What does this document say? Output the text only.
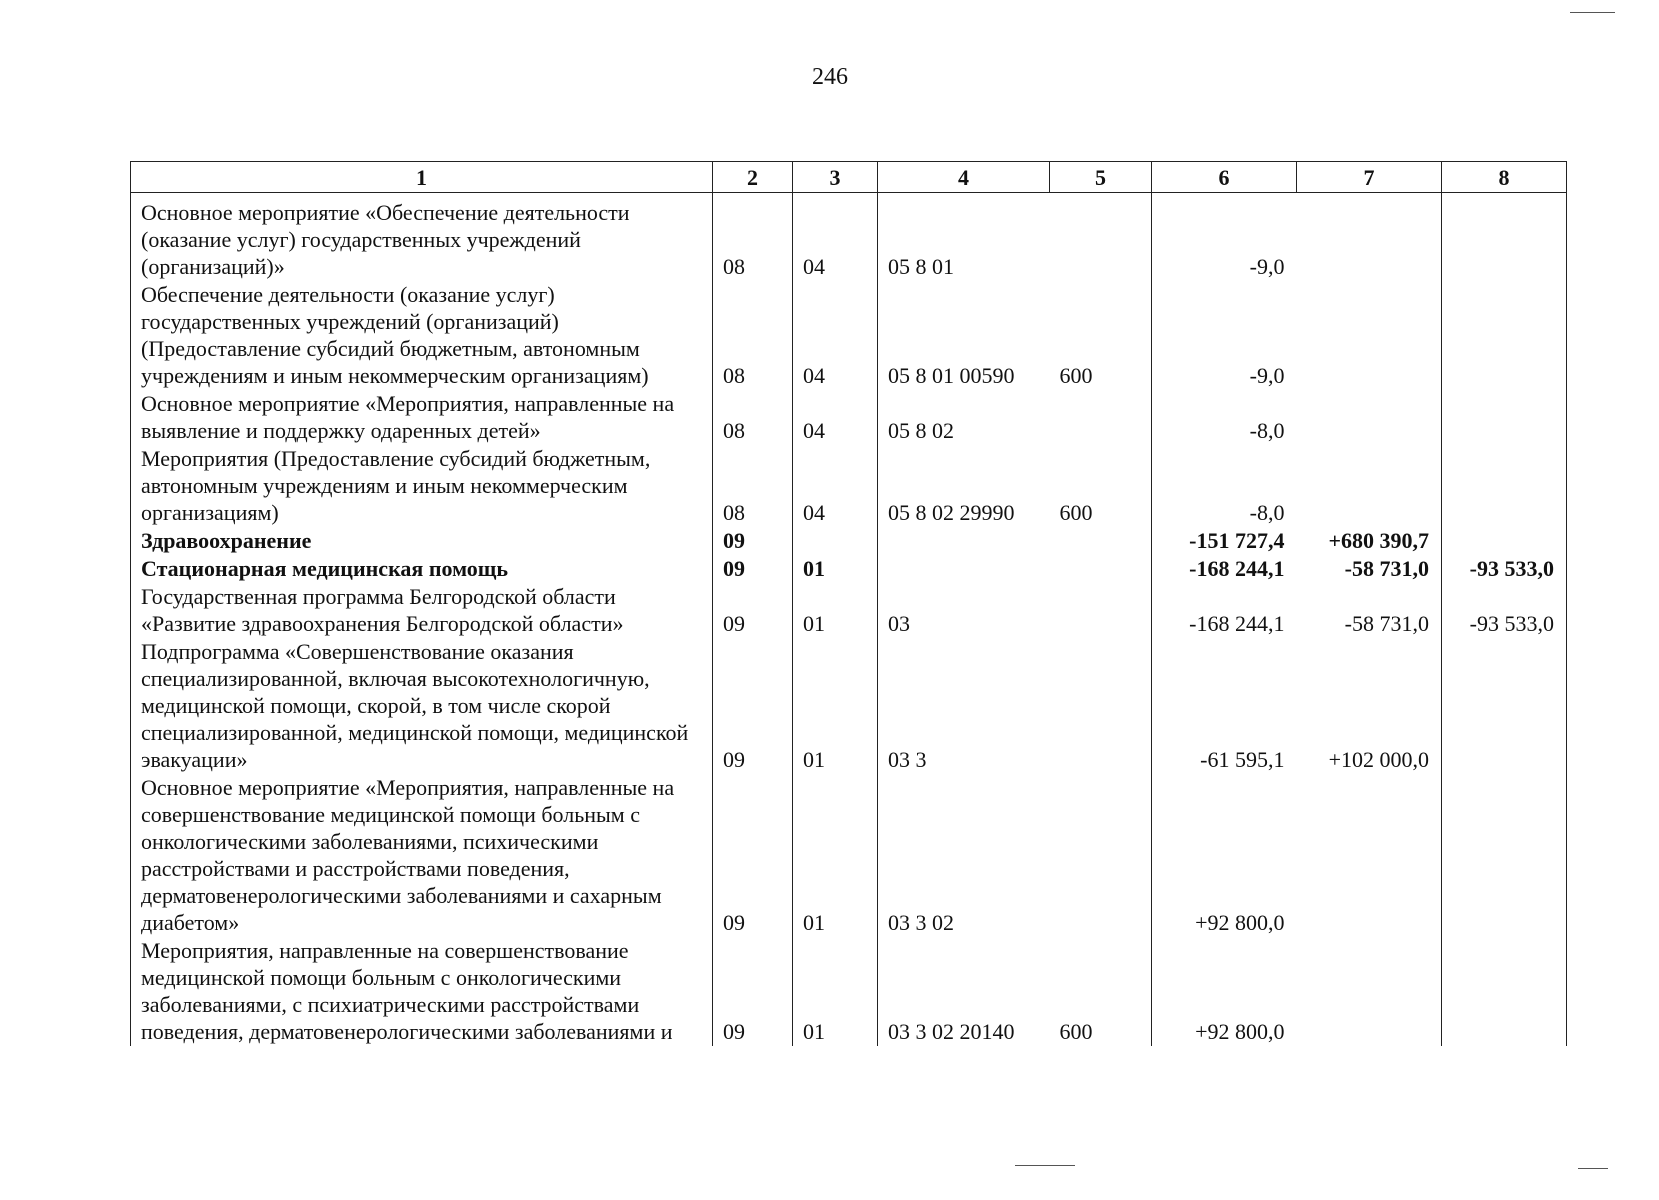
246
1	2	3	4	5	6	7	8

Основное мероприятие «Обеспечение деятельности (оказание услуг) государственных учреждений (организаций)»	08	04	05 8 01		-9,0		
Обеспечение деятельности (оказание услуг) государственных учреждений (организаций) (Предоставление субсидий бюджетным, автономным учреждениям и иным некоммерческим организациям)	08	04	05 8 01 00590	600	-9,0		
Основное мероприятие «Мероприятия, направленные на выявление и поддержку одаренных детей»	08	04	05 8 02		-8,0		
Мероприятия (Предоставление субсидий бюджетным, автономным учреждениям и иным некоммерческим организациям)	08	04	05 8 02 29990	600	-8,0		
Здравоохранение	09				-151 727,4	+680 390,7	
Стационарная медицинская помощь	09	01			-168 244,1	-58 731,0	-93 533,0
Государственная программа Белгородской области «Развитие здравоохранения Белгородской области»	09	01	03		-168 244,1	-58 731,0	-93 533,0
Подпрограмма «Совершенствование оказания специализированной, включая высокотехнологичную, медицинской помощи, скорой, в том числе скорой специализированной, медицинской помощи, медицинской эвакуации»	09	01	03 3		-61 595,1	+102 000,0	
Основное мероприятие «Мероприятия, направленные на совершенствование медицинской помощи больным с онкологическими заболеваниями, психическими расстройствами и расстройствами поведения, дерматовенерологическими заболеваниями и сахарным диабетом»	09	01	03 3 02		+92 800,0		
Мероприятия, направленные на совершенствование медицинской помощи больным с онкологическими заболеваниями, с психиатрическими расстройствами поведения, дерматовенерологическими заболеваниями и	09	01	03 3 02 20140	600	+92 800,0		
